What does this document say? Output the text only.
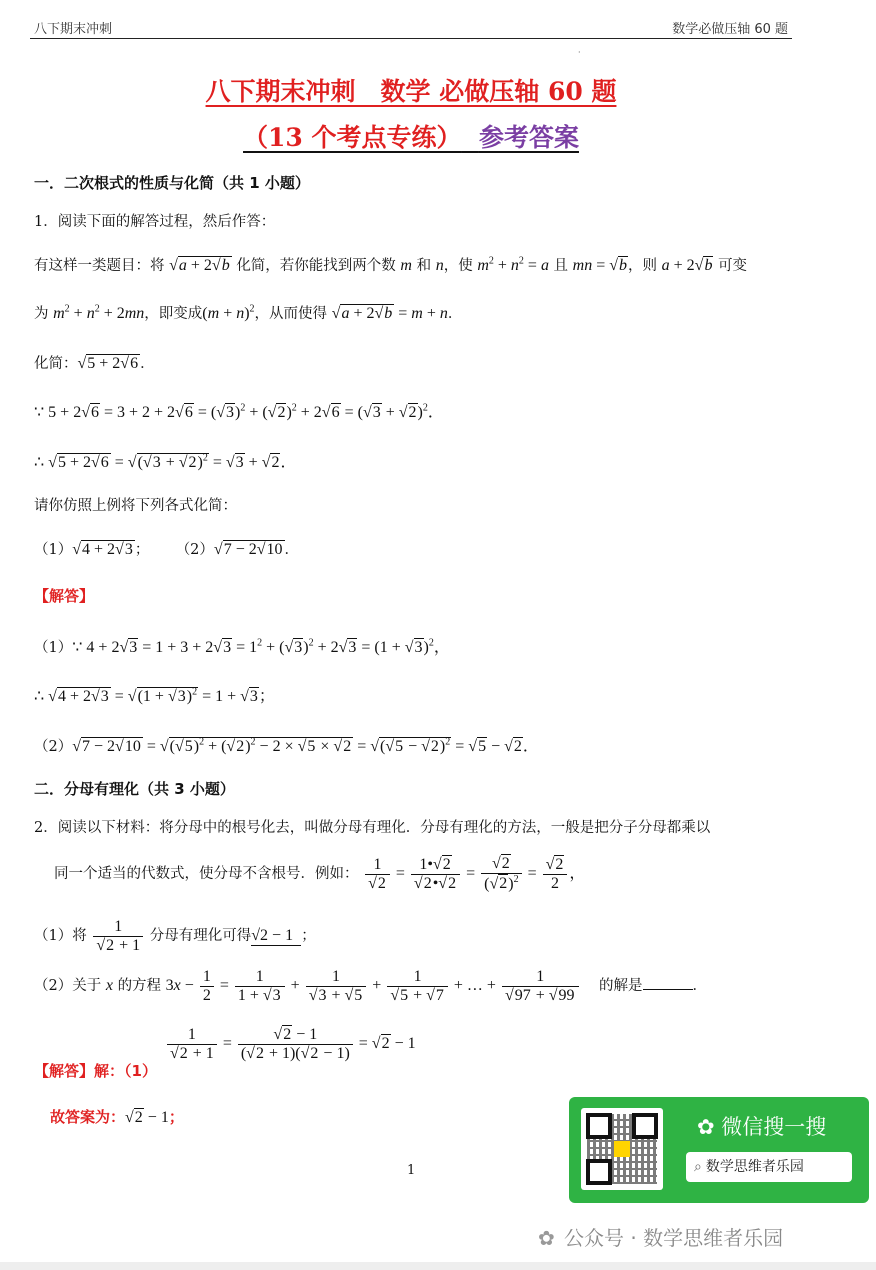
八下期末冲刺	数学必做压轴 60 题
·
八下期末冲刺　数学 必做压轴 60 题
（13 个考点专练） 参考答案
一．二次根式的性质与化简（共 1 小题）
1．阅读下面的解答过程，然后作答：
有这样一类题目：将 √a + 2√b 化简，若你能找到两个数 m 和 n，使 $m^2 + n^2 = a$ 且 mn = √b，则 a + 2√b 可变
为 $m^2 + n^2 + 2mn$，即变成$(m + n)^2$，从而使得 √a + 2√b = m + n．
化简：√5 + 2√6 ．
∵ $5 + 2√6 = 3 + 2 + 2√6 = (√3)^2 + (√2)^2 + 2√6 = (√3 + √2)^2$．
∴ $√5 + 2√6 = √(√3 + √2)^2 = √3 + √2$．
请你仿照上例将下列各式化简：
（1）√4 + 2√3 ；　　 （2）√7 − 2√10 ．
【解答】
（1）∵ $4 + 2√3 = 1 + 3 + 2√3 = 1^2 + (√3)^2 + 2√3 = (1 + √3)^2$，
∴ $√4 + 2√3 = √(1 + √3)^2 = 1 + √3$；
$(2)√7 - 2√10 = √(√5)^2 + (√2)^2 - 2 \times √5 \times √2 = √(√5 - √2)^2 = √5 - √2$．
二．分母有理化（共 3 小题）
2．阅读以下材料：将分母中的根号化去，叫做分母有理化．分母有理化的方法，一般是把分子分母都乘以
同一个适当的代数式，使分母不含根号．例如： $\frac{1}{√2} = \frac{1•√2}{√2•√2} = \frac{√2}{(√2)^2} = \frac{√2}{2}$ ，
（1）将 $\frac{1}{√2 + 1}$ 分母有理化可得√2 − 1 ；
（2）关于 x 的方程 $3x - \frac{1}{2} = \frac{1}{1 + √3} + \frac{1}{√3 + √5} + \frac{1}{√5 + √7}$ + … + $\frac{1}{√97 + √99}$
　 的解是	．
$\frac{1}{√2 + 1} = \frac{√2 - 1}{(√2 + 1)(√2 - 1)} = √2 - 1$
【解答】解：（1）
故答案为：√2 − 1；
1
✿ 微信搜一搜
⌕ 数学思维者乐园
✿ 公众号 · 数学思维者乐园
